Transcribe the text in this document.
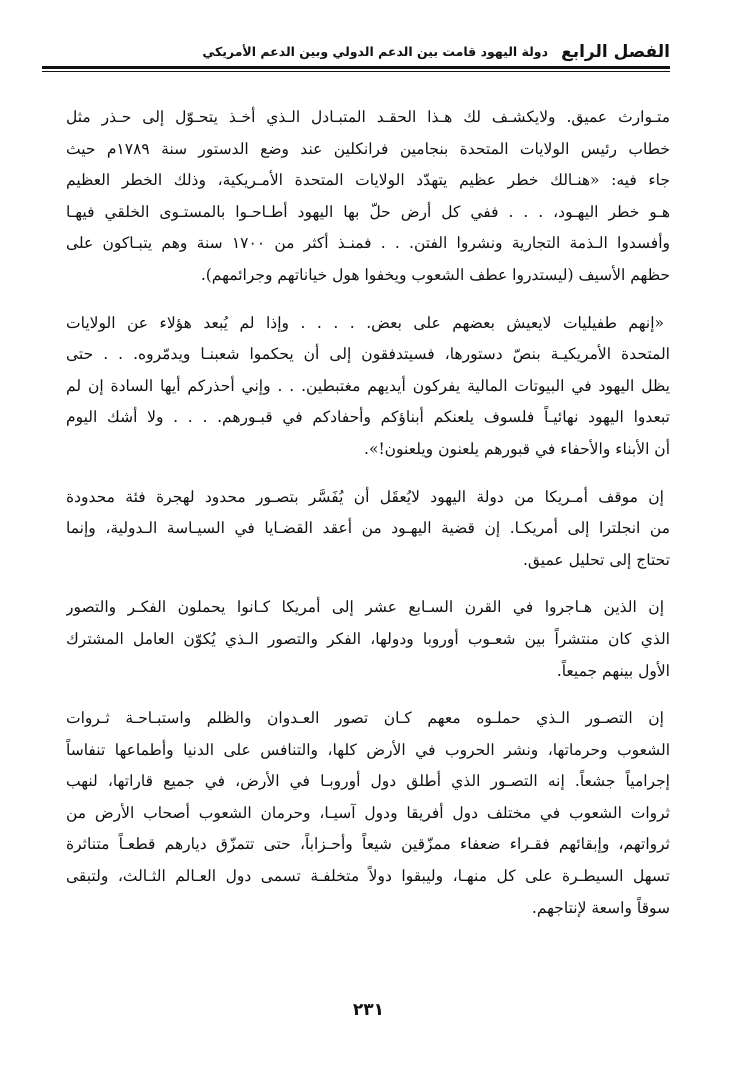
الفصل الرابع
دولة اليهود قامت بين الدعم الدولي وبين الدعم الأمريكي
متـوارث عميق. ولايكشـف لك هـذا الحقـد المتبـادل الـذي أخـذ يتحـوّل إلى حـذر مثل
خطاب رئيس الولايات المتحدة بنجامين فرانكلين عند وضع الدستور سنة ١٧٨٩م حيث
جاء فيه: «هنـالك خطر عظيم يتهدّد الولايات المتحدة الأمـريكية، وذلك الخطر العظيم
هـو خطر اليهـود، . . . ففي كل أرض حلّ بها اليهود أطـاحـوا بالمستـوى الخلقي فيهـا
وأفسدوا الـذمة التجارية ونشروا الفتن. . . فمنـذ أكثر من ١٧٠٠ سنة وهم يتبـاكون على
حظهم الأسيف (ليستدروا عطف الشعوب ويخفوا هول خياناتهم وجرائمهم).
«إنهم طفيليات لايعيش بعضهم على بعض. . . . . وإذا لم يُبعد هؤلاء عن الولايات
المتحدة الأمريكيـة بنصّ دستورها، فسيتدفقون إلى أن يحكموا شعبنـا ويدمّروه. . . حتى
يظل اليهود في البيوتات المالية يفركون أيديهم مغتبطين. . . وإني أحذركم أيها السادة إن لم
تبعدوا اليهود نهائيـاً فلسوف يلعنكم أبناؤكم وأحفادكم في قبـورهم. . . . ولا أشك اليوم
أن الأبناء والأحفاء في قبورهم يلعنون ويلعنون!».
إن موقف أمـريكا من دولة اليهود لايُعقَل أن يُفَسَّر بتصـور محدود لهجرة فئة محدودة
من انجلترا إلى أمريكـا. إن قضية اليهـود من أعقد القضـايا في السيـاسة الـدولية، وإنما
تحتاج إلى تحليل عميق.
إن الذين هـاجروا في القرن السـابع عشر إلى أمريكا كـانوا يحملون الفكـر والتصور
الذي كان منتشراً بين شعـوب أوروبا ودولها، الفكر والتصور الـذي يُكوّن العامل المشترك
الأول بينهم جميعاً.
إن التصـور الـذي حملـوه معهم كـان تصور العـدوان والظلم واستبـاحـة ثـروات
الشعوب وحرماتها، ونشر الحروب في الأرض كلها، والتنافس على الدنيا وأطماعها تنفاساً
إجرامياً جشعاً. إنه التصـور الذي أطلق دول أوروبـا في الأرض، في جميع قاراتها، لنهب
ثروات الشعوب في مختلف دول أفريقا ودول آسيـا، وحرمان الشعوب أصحاب الأرض من
ثرواتهم، وإبقائهم فقـراء ضعفاء ممزّقين شيعاً وأحـزاباً، حتى تتمزّق ديارهم قطعـاً متناثرة
تسهل السيطـرة على كل منهـا، وليبقوا دولاً متخلفـة تسمى دول العـالم الثـالث، ولتبقى
سوقاً واسعة لإنتاجهم.
٢٣١
